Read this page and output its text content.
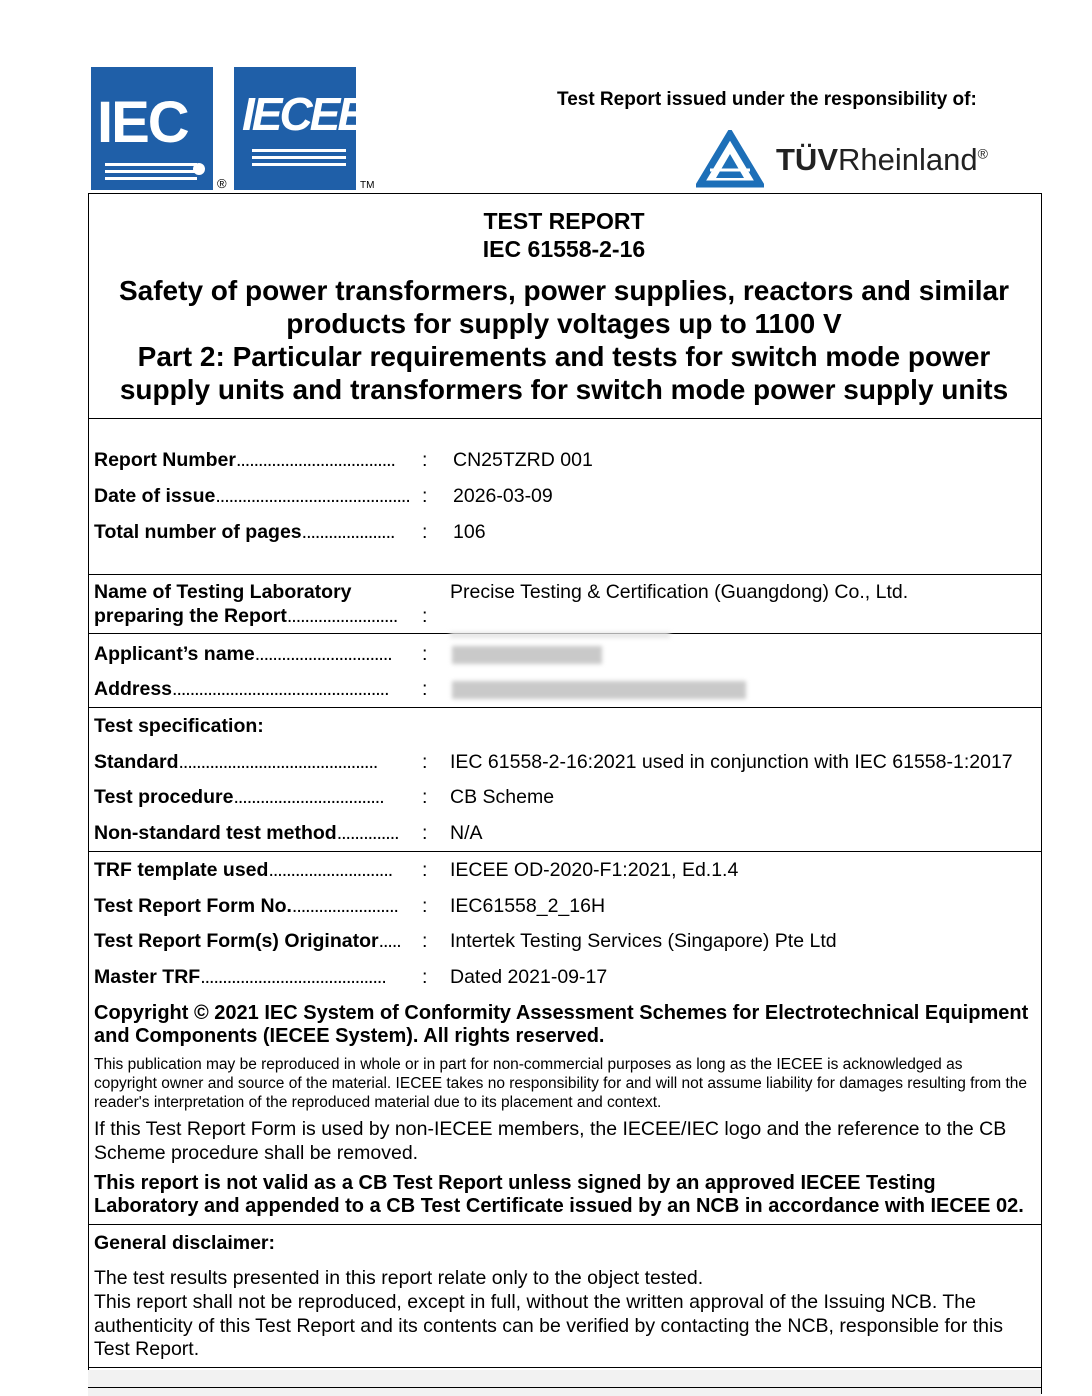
IEC
®
IECEE
TM
Test Report issued under the responsibility of:
TÜVRheinland®
TEST REPORT
IEC 61558-2-16
Safety of power transformers, power supplies, reactors and similar
products for supply voltages up to 1100 V
Part 2: Particular requirements and tests for switch mode power
supply units and transformers for switch mode power supply units
Report Number.................................... : CN25TZRD 001
Date of issue............................................ : 2026-03-09
Total number of pages..................... : 106
Name of Testing Laboratory
preparing the Report......................... :
Precise Testing & Certification (Guangdong) Co., Ltd.
Applicant’s name............................... :
Address................................................. :
Test specification:
Standard............................................. : IEC 61558-2-16:2021 used in conjunction with IEC 61558-1:2017
Test procedure.................................. : CB Scheme
Non-standard test method.............. : N/A
TRF template used............................ : IECEE OD-2020-F1:2021, Ed.1.4
Test Report Form No......................... : IEC61558_2_16H
Test Report Form(s) Originator..... : Intertek Testing Services (Singapore) Pte Ltd
Master TRF.......................................... : Dated 2021-09-17
Copyright © 2021 IEC System of Conformity Assessment Schemes for Electrotechnical Equipment and Components (IECEE System). All rights reserved.
This publication may be reproduced in whole or in part for non-commercial purposes as long as the IECEE is acknowledged as copyright owner and source of the material. IECEE takes no responsibility for and will not assume liability for damages resulting from the reader's interpretation of the reproduced material due to its placement and context.
If this Test Report Form is used by non-IECEE members, the IECEE/IEC logo and the reference to the CB Scheme procedure shall be removed.
This report is not valid as a CB Test Report unless signed by an approved IECEE Testing Laboratory and appended to a CB Test Certificate issued by an NCB in accordance with IECEE 02.
General disclaimer:
The test results presented in this report relate only to the object tested.
This report shall not be reproduced, except in full, without the written approval of the Issuing NCB. The authenticity of this Test Report and its contents can be verified by contacting the NCB, responsible for this Test Report.
